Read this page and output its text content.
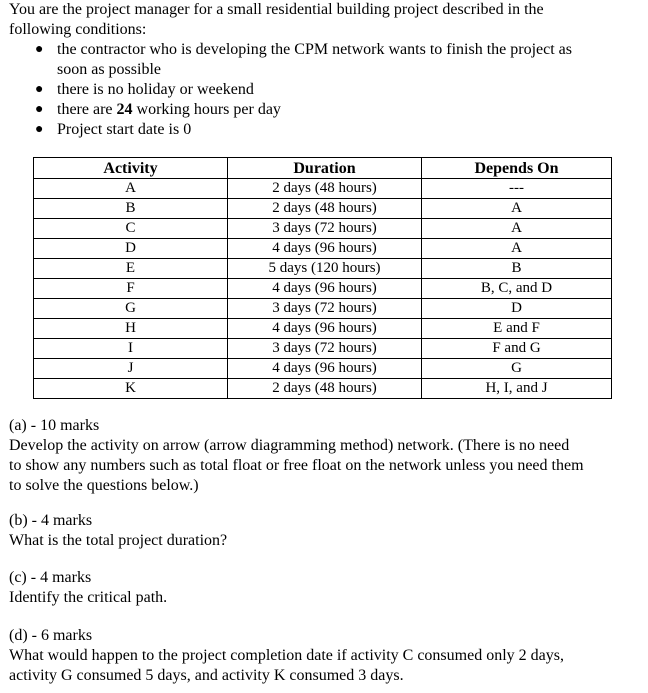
You are the project manager for a small residential building project described in the

following conditions:

● the contractor who is developing the CPM network wants to finish the project as
soon as possible
● there is no holiday or weekend
● there are 24 working hours per day
● Project start date is 0
Activity	Duration	Depends On
A	2 days (48 hours)	---
B	2 days (48 hours)	A
C	3 days (72 hours)	A
D	4 days (96 hours)	A
E	5 days (120 hours)	B
F	4 days (96 hours)	B, C, and D
G	3 days (72 hours)	D
H	4 days (96 hours)	E and F
I	3 days (72 hours)	F and G
J	4 days (96 hours)	G
K	2 days (48 hours)	H, I, and J

(a) - 10 marks

Develop the activity on arrow (arrow diagramming method) network. (There is no need

to show any numbers such as total float or free float on the network unless you need them

to solve the questions below.)

(b) - 4 marks

What is the total project duration?

(c) - 4 marks

Identify the critical path.

(d) - 6 marks

What would happen to the project completion date if activity C consumed only 2 days,

activity G consumed 5 days, and activity K consumed 3 days.
